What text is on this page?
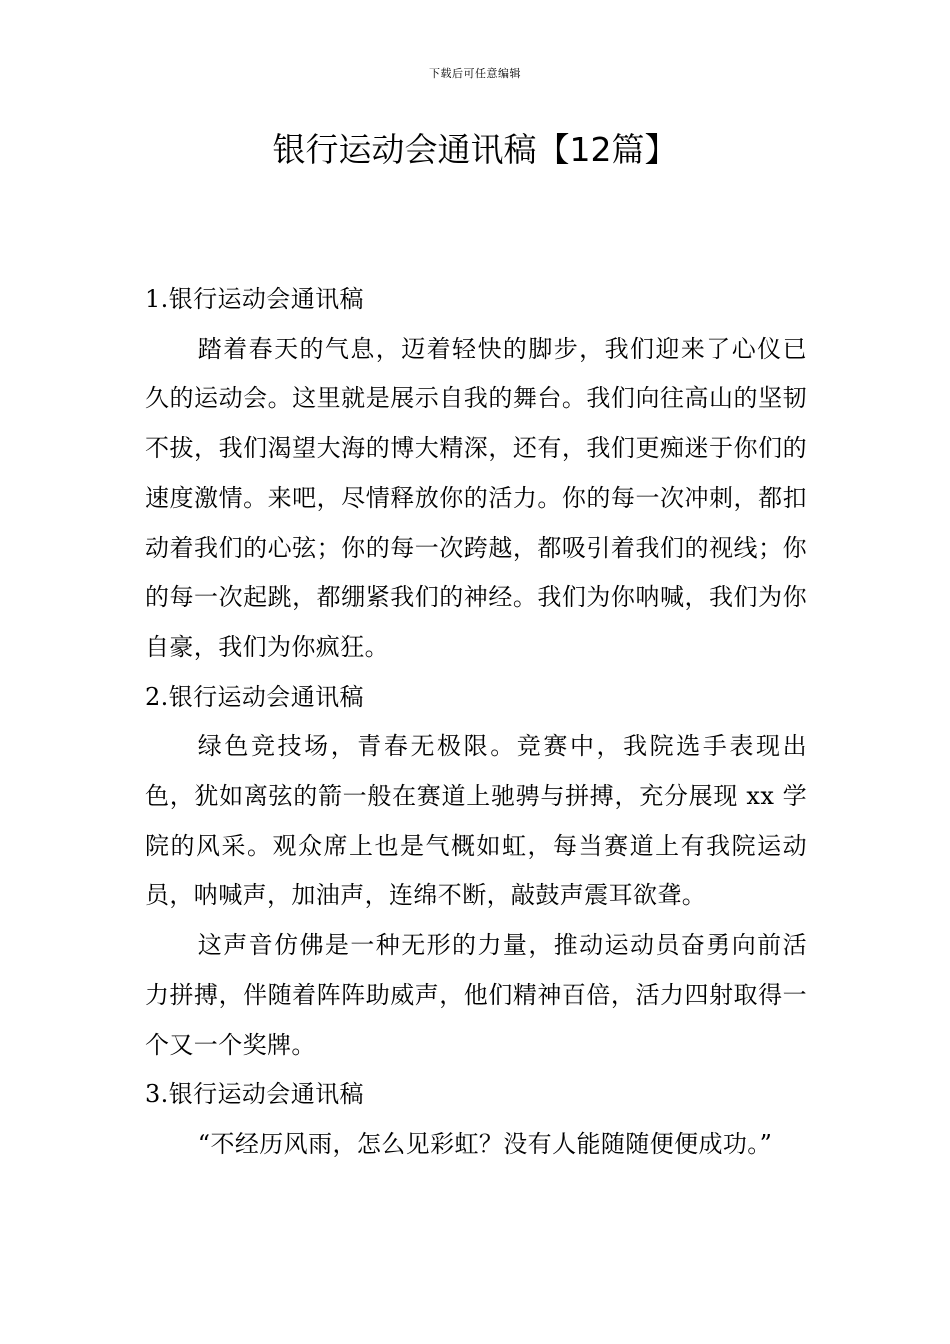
下载后可任意编辑
银行运动会通讯稿【12篇】

1.银行运动会通讯稿

踏着春天的气息，迈着轻快的脚步，我们迎来了心仪已久的运动会。这里就是展示自我的舞台。我们向往高山的坚韧不拔，我们渴望大海的博大精深，还有，我们更痴迷于你们的速度激情。来吧，尽情释放你的活力。你的每一次冲刺，都扣动着我们的心弦；你的每一次跨越，都吸引着我们的视线；你的每一次起跳，都绷紧我们的神经。我们为你呐喊，我们为你自豪，我们为你疯狂。

2.银行运动会通讯稿

绿色竞技场，青春无极限。竞赛中，我院选手表现出色，犹如离弦的箭一般在赛道上驰骋与拼搏，充分展现 xx 学院的风采。观众席上也是气概如虹，每当赛道上有我院运动员，呐喊声，加油声，连绵不断，敲鼓声震耳欲聋。

这声音仿佛是一种无形的力量，推动运动员奋勇向前活力拼搏，伴随着阵阵助威声，他们精神百倍，活力四射取得一个又一个奖牌。

3.银行运动会通讯稿

“不经历风雨，怎么见彩虹？没有人能随随便便成功。”
